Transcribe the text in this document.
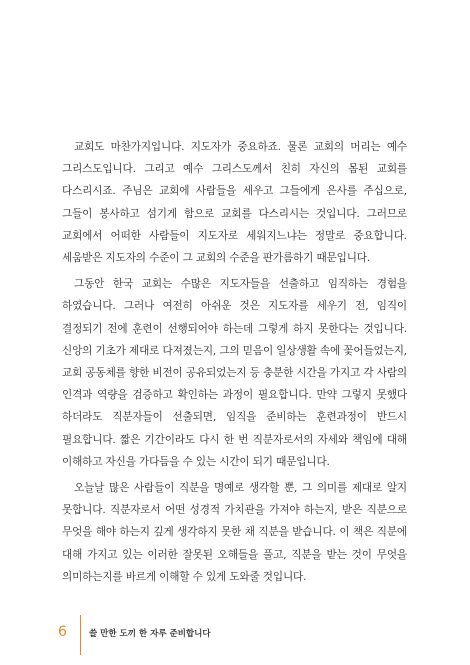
교회도 마찬가지입니다. 지도자가 중요하죠. 물론 교회의 머리는 예수 그리스도입니다. 그리고 예수 그리스도께서 친히 자신의 몸된 교회를 다스리시죠. 주님은 교회에 사람들을 세우고 그들에게 은사를 주십으로, 그들이 봉사하고 섬기게 함으로 교회를 다스리시는 것입니다. 그러므로 교회에서 어떠한 사람들이 지도자로 세워지느냐는 정말로 중요합니다. 세움받은 지도자의 수준이 그 교회의 수준을 판가름하기 때문입니다.

그동안 한국 교회는 수많은 지도자들을 선출하고 임직하는 경험을 하였습니다. 그러나 여전히 아쉬운 것은 지도자를 세우기 전, 임직이 결정되기 전에 훈련이 선행되어야 하는데 그렇게 하지 못한다는 것입니다. 신앙의 기초가 제대로 다져졌는지, 그의 믿음이 일상생활 속에 꽃어들었는지, 교회 공동체를 향한 비전이 공유되었는지 등 충분한 시간을 가지고 각 사람의 인격과 역량을 검증하고 확인하는 과정이 필요합니다. 만약 그렇지 못했다 하더라도 직분자들이 선출되면, 임직을 준비하는 훈련과정이 반드시 필요합니다. 짧은 기간이라도 다시 한 번 직분자로서의 자세와 책임에 대해 이해하고 자신을 가다듬을 수 있는 시간이 되기 때문입니다.

오늘날 많은 사람들이 직분을 명예로 생각할 뿐, 그 의미를 제대로 알지 못합니다. 직분자로서 어떤 성경적 가치관을 가져야 하는지, 받은 직분으로 무엇을 해야 하는지 깊게 생각하지 못한 채 직분을 받습니다. 이 책은 직분에 대해 가지고 있는 이러한 잘못된 오해들을 풀고, 직분을 받는 것이 무엇을 의미하는지를 바르게 이해할 수 있게 도와줄 것입니다.

6	쓸 만한 도끼 한 자루 준비합니다
